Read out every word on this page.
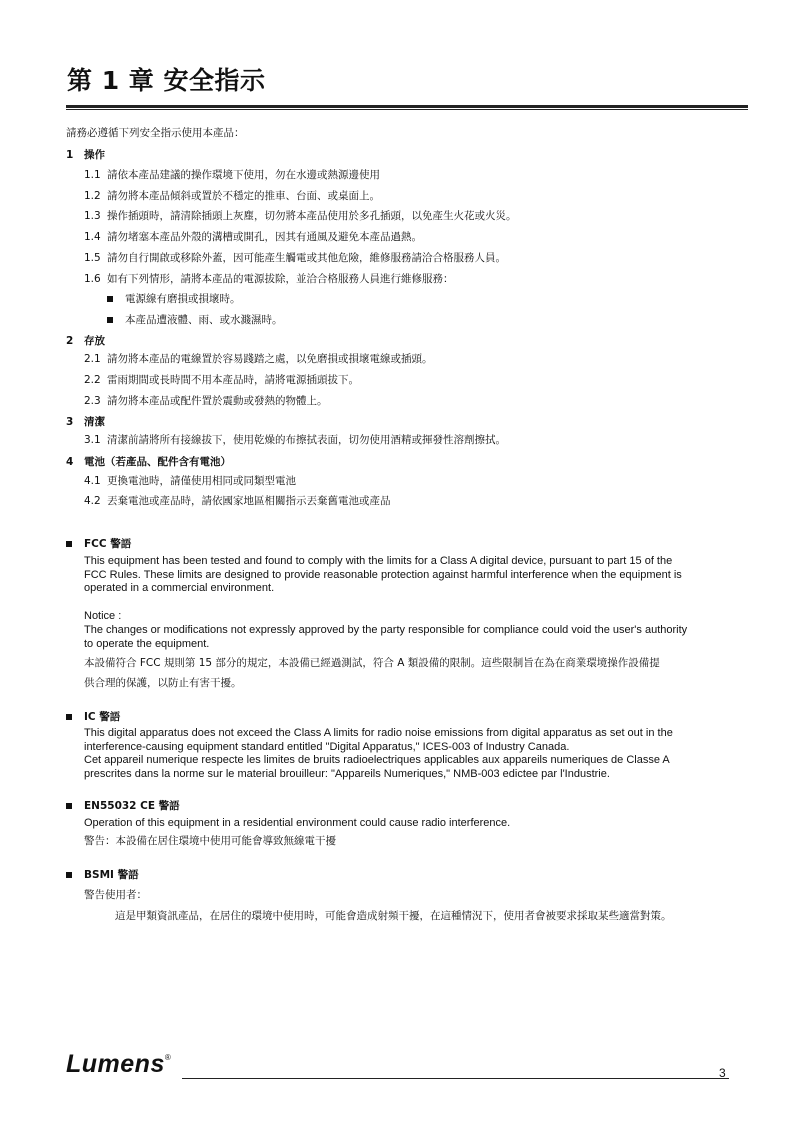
第 1 章 安全指示
請務必遵循下列安全指示使用本產品：
1 操作
1.1 請依本產品建議的操作環境下使用，勿在水邊或熱源邊使用
1.2 請勿將本產品傾斜或置於不穩定的推車、台面、或桌面上。
1.3 操作插頭時，請清除插頭上灰塵，切勿將本產品使用於多孔插頭，以免產生火花或火災。
1.4 請勿堵塞本產品外殼的溝槽或開孔，因其有通風及避免本產品過熱。
1.5 請勿自行開啟或移除外蓋，因可能產生觸電或其他危險，維修服務請洽合格服務人員。
1.6 如有下列情形，請將本產品的電源拔除，並洽合格服務人員進行維修服務：
電源線有磨損或損壞時。
本產品遭液體、雨、或水濺濕時。
2 存放
2.1 請勿將本產品的電線置於容易踐踏之處，以免磨損或損壞電線或插頭。
2.2 雷雨期間或長時間不用本產品時，請將電源插頭拔下。
2.3 請勿將本產品或配件置於震動或發熱的物體上。
3 清潔
3.1 清潔前請將所有接線拔下，使用乾燥的布擦拭表面，切勿使用酒精或揮發性溶劑擦拭。
4 電池（若產品、配件含有電池）
4.1 更換電池時，請僅使用相同或同類型電池
4.2 丟棄電池或產品時，請依國家地區相關指示丟棄舊電池或產品
FCC 警語
This equipment has been tested and found to comply with the limits for a Class A digital device, pursuant to part 15 of the
FCC Rules. These limits are designed to provide reasonable protection against harmful interference when the equipment is
operated in a commercial environment.
Notice :
The changes or modifications not expressly approved by the party responsible for compliance could void the user's authority
to operate the equipment.
本設備符合 FCC 規則第 15 部分的規定，本設備已經過測試，符合 A 類設備的限制。這些限制旨在為在商業環境操作設備提
供合理的保護，以防止有害干擾。
IC 警語
This digital apparatus does not exceed the Class A limits for radio noise emissions from digital apparatus as set out in the
interference-causing equipment standard entitled "Digital Apparatus," ICES-003 of Industry Canada.
Cet appareil numerique respecte les limites de bruits radioelectriques applicables aux appareils numeriques de Classe A
prescrites dans la norme sur le material brouilleur: "Appareils Numeriques," NMB-003 edictee par l'Industrie.
EN55032 CE 警語
Operation of this equipment in a residential environment could cause radio interference.
警告：本設備在居住環境中使用可能會導致無線電干擾
BSMI 警語
警告使用者：
這是甲類資訊產品，在居住的環境中使用時，可能會造成射頻干擾，在這種情況下，使用者會被要求採取某些適當對策。
Lumens®
3
